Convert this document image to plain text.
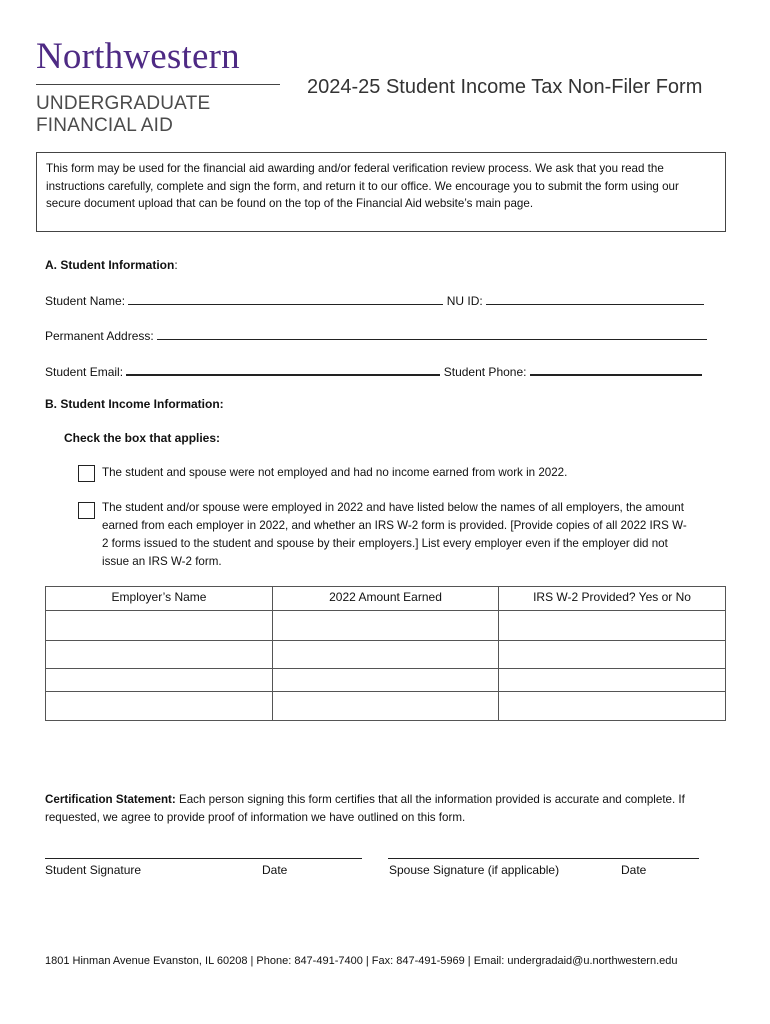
Northwestern
UNDERGRADUATE
FINANCIAL AID
2024-25 Student Income Tax Non-Filer Form
This form may be used for the financial aid awarding and/or federal verification review process. We ask that you read the instructions carefully, complete and sign the form, and return it to our office. We encourage you to submit the form using our secure document upload that can be found on the top of the Financial Aid website’s main page.
A. Student Information:
Student Name:	NU ID:
Permanent Address:
Student Email:	Student Phone:
B. Student Income Information:
Check the box that applies:
The student and spouse were not employed and had no income earned from work in 2022.
The student and/or spouse were employed in 2022 and have listed below the names of all employers, the amount earned from each employer in 2022, and whether an IRS W-2 form is provided. [Provide copies of all 2022 IRS W-2 forms issued to the student and spouse by their employers.] List every employer even if the employer did not issue an IRS W-2 form.
Employer’s Name	2022 Amount Earned	IRS W-2 Provided? Yes or No

Certification Statement: Each person signing this form certifies that all the information provided is accurate and complete. If requested, we agree to provide proof of information we have outlined on this form.
Student Signature	Date	Spouse Signature (if applicable)	Date
1801 Hinman Avenue Evanston, IL 60208 | Phone: 847-491-7400 | Fax: 847-491-5969 | Email: undergradaid@u.northwestern.edu
